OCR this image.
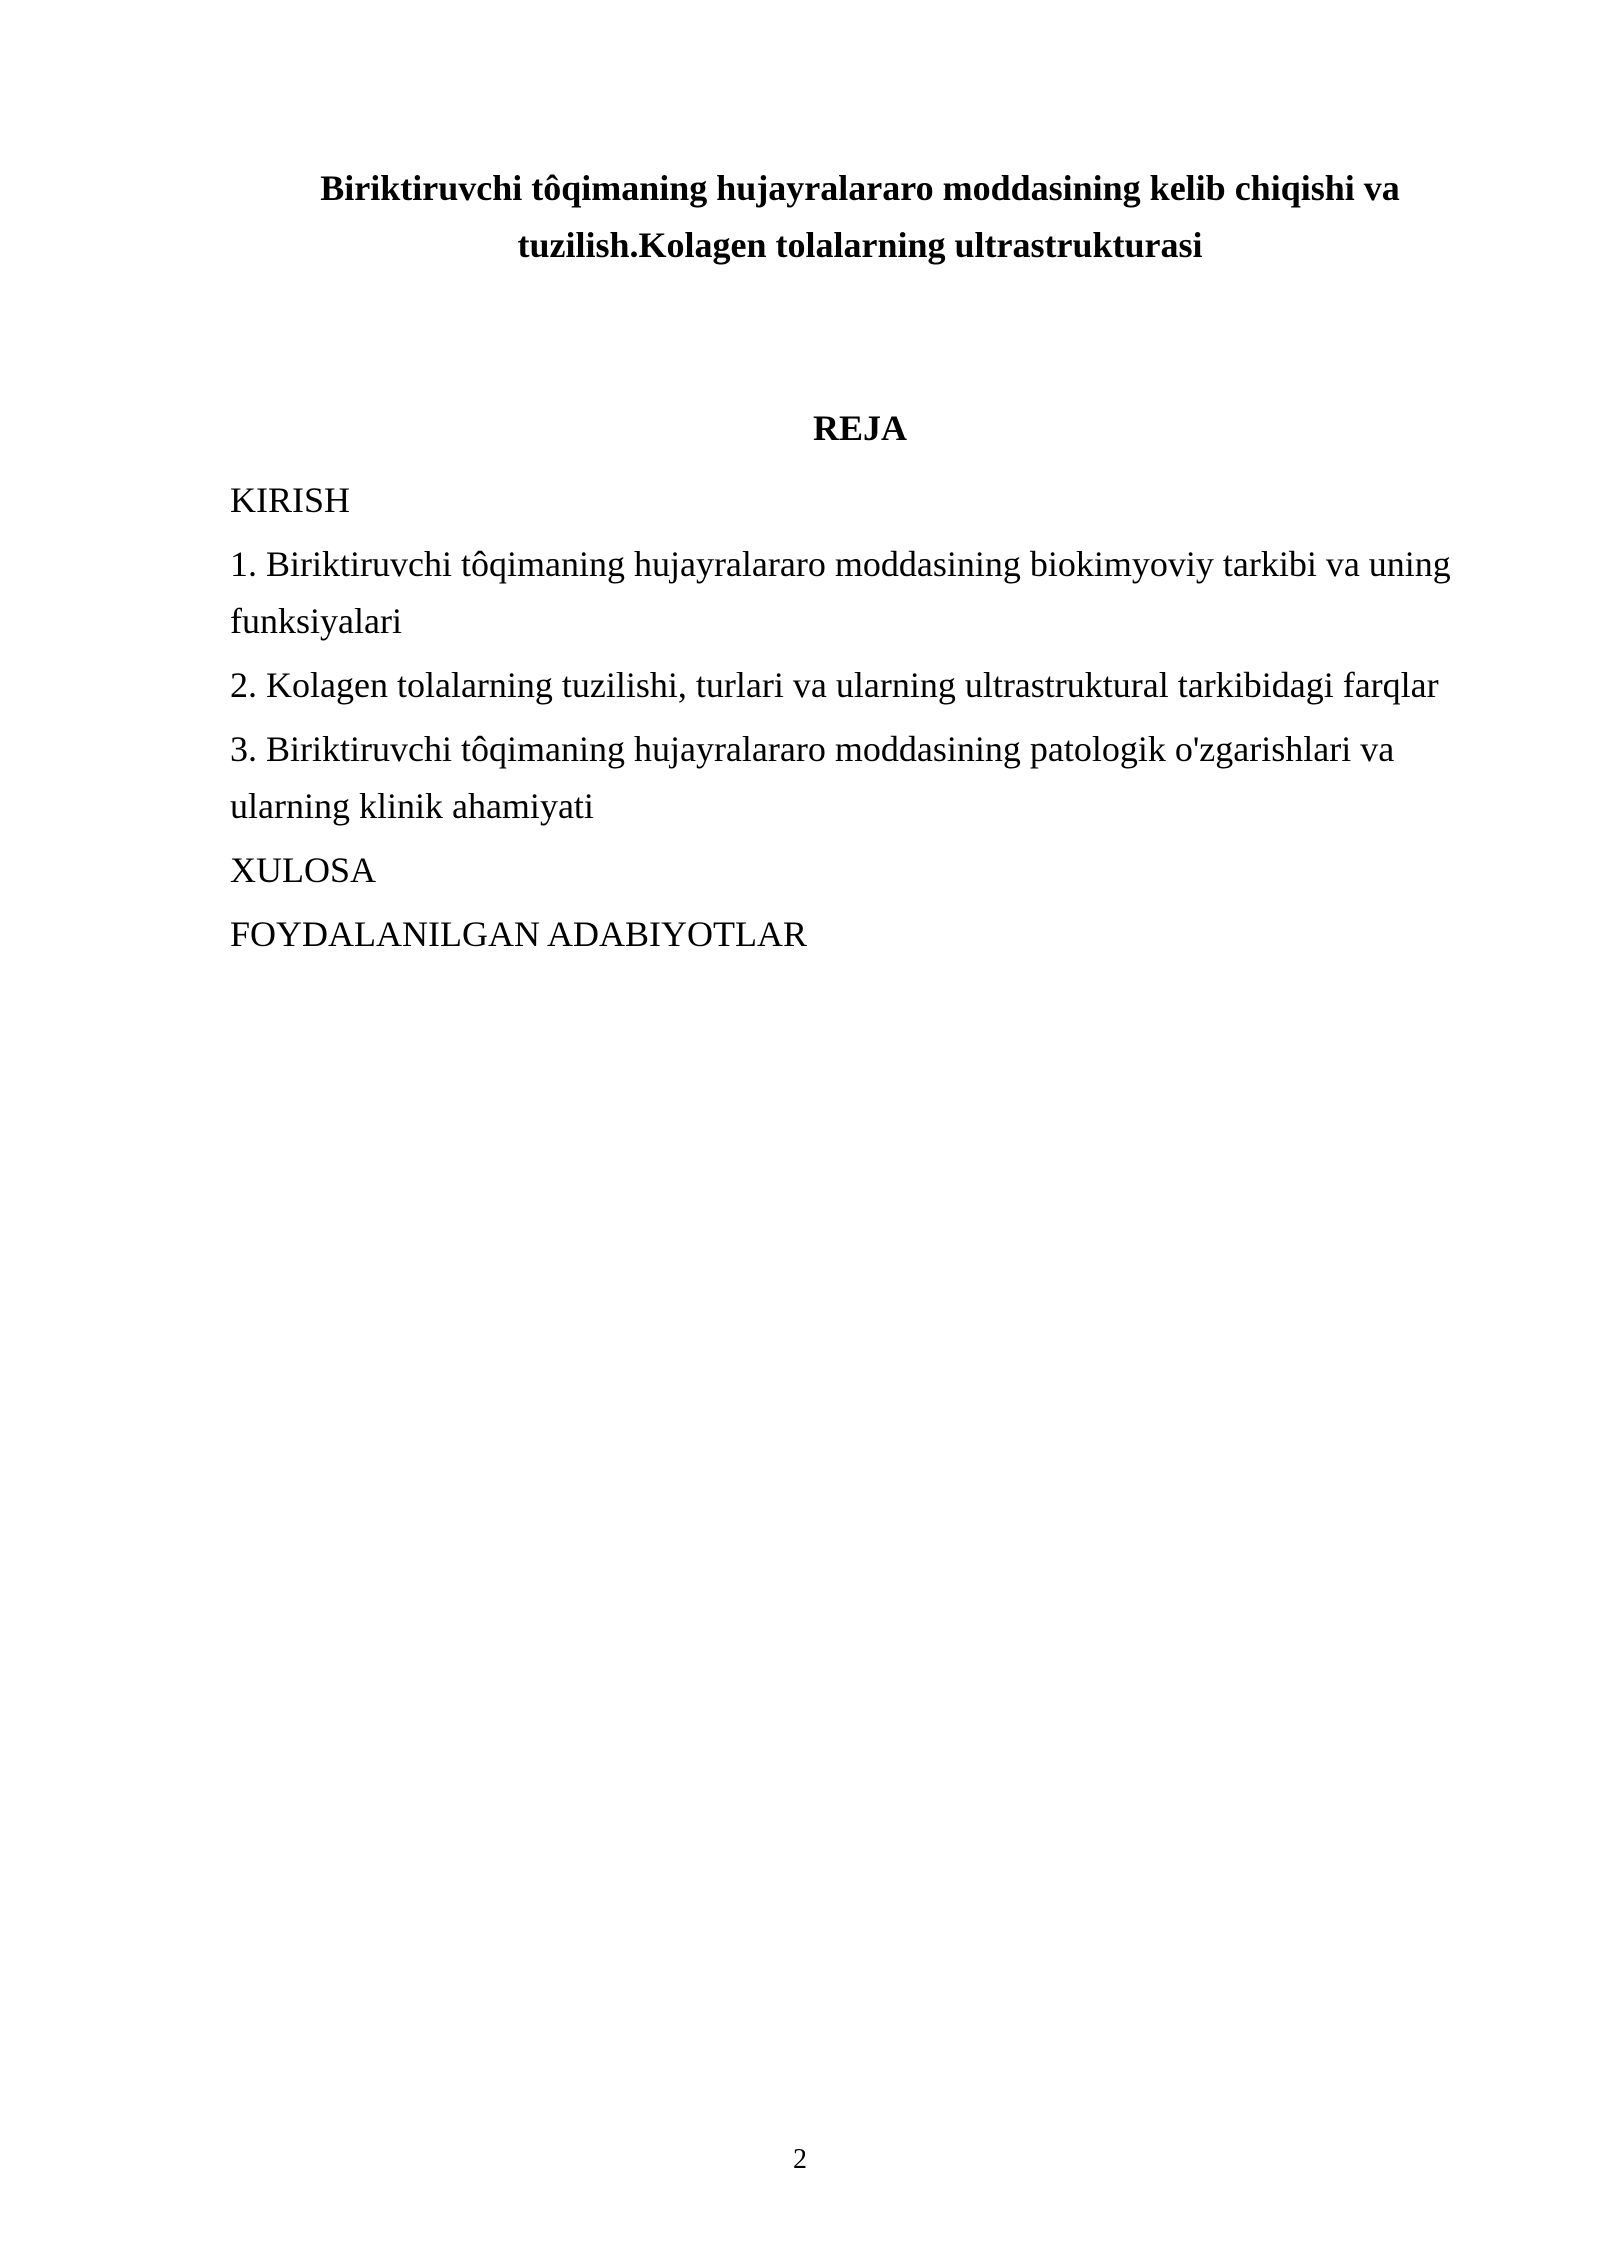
Biriktiruvchi tôqimaning hujayralararo moddasining kelib chiqishi va tuzilish.Kolagen tolalarning ultrastrukturasi
REJA
KIRISH
1. Biriktiruvchi tôqimaning hujayralararo moddasining biokimyoviy tarkibi va uning funksiyalari
2. Kolagen tolalarning tuzilishi, turlari va ularning ultrastruktural tarkibidagi farqlar
3. Biriktiruvchi tôqimaning hujayralararo moddasining patologik o'zgarishlari va ularning klinik ahamiyati
XULOSA
FOYDALANILGAN ADABIYOTLAR
2
